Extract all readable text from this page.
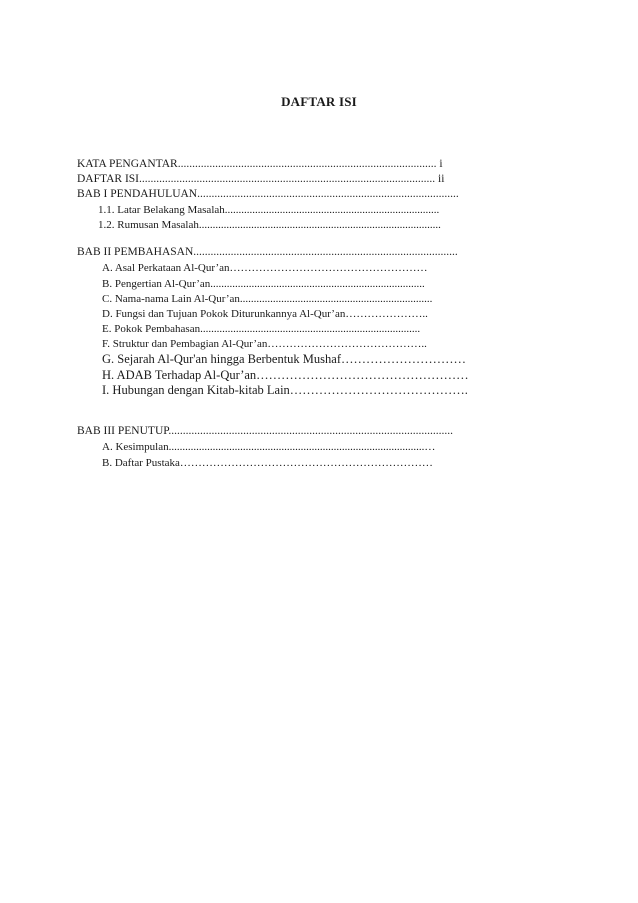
DAFTAR ISI
KATA PENGANTAR.......................................................................................... i
DAFTAR ISI....................................................................................................... ii
BAB I PENDAHULUAN...........................................................................................
1.1. Latar Belakang Masalah..............................................................................
1.2. Rumusan Masalah........................................................................................
BAB II PEMBAHASAN............................................................................................
A. Asal Perkataan Al-Qur’an………………………………………………
B. Pengertian Al-Qur’an..............................................................................
C. Nama-nama Lain Al-Qur’an......................................................................
D. Fungsi dan Tujuan Pokok Diturunkannya Al-Qur’an…………………..
E. Pokok Pembahasan................................................................................
F. Struktur dan Pembagian Al-Qur’an……………………………………..
G. Sejarah Al-Qur'an hingga Berbentuk Mushaf…………………………
H. ADAB Terhadap Al-Qur’an……………………………………………
I. Hubungan dengan Kitab-kitab Lain…………………………………….
BAB III PENUTUP...................................................................................................
A. Kesimpulan.............................................................................................…
B. Daftar Pustaka……………………………………………………………
